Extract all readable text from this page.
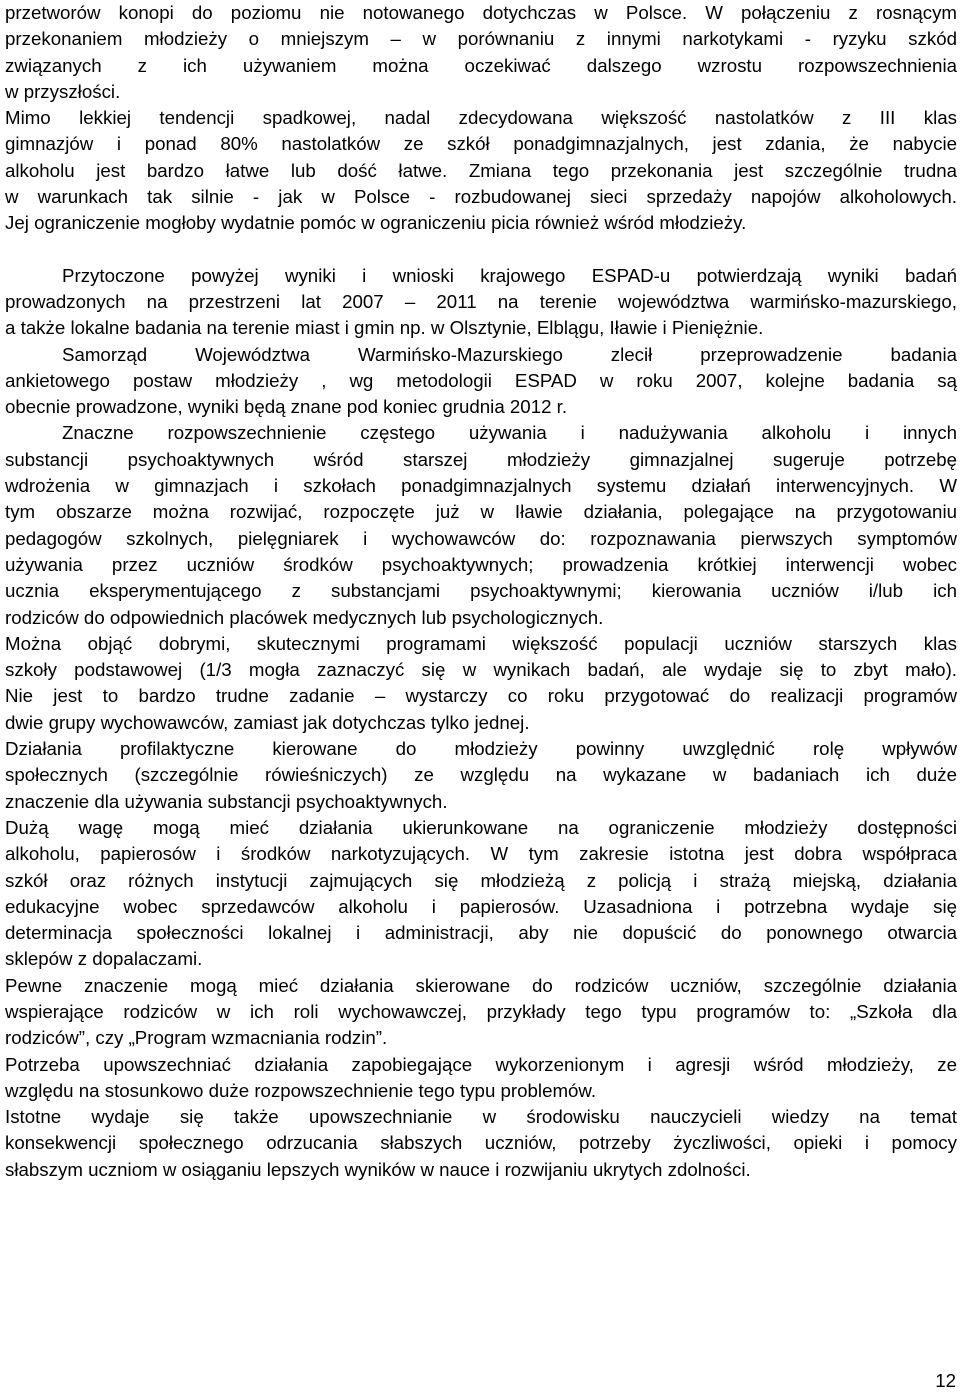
przetworów konopi do poziomu nie notowanego dotychczas w Polsce. W połączeniu z rosnącym
przekonaniem młodzieży o mniejszym – w porównaniu z innymi narkotykami - ryzyku szkód
związanych z ich używaniem można oczekiwać dalszego wzrostu rozpowszechnienia
w przyszłości.
Mimo lekkiej tendencji spadkowej, nadal zdecydowana większość nastolatków z III klas
gimnazjów i ponad 80% nastolatków ze szkół ponadgimnazjalnych, jest zdania, że nabycie
alkoholu jest bardzo łatwe lub dość łatwe. Zmiana tego przekonania jest szczególnie trudna
w warunkach tak silnie - jak w Polsce - rozbudowanej sieci sprzedaży napojów alkoholowych.
Jej ograniczenie mogłoby wydatnie pomóc w ograniczeniu picia również wśród młodzieży.
Przytoczone powyżej wyniki i wnioski krajowego ESPAD-u potwierdzają wyniki badań
prowadzonych na przestrzeni lat 2007 – 2011 na terenie województwa warmińsko-mazurskiego,
a także lokalne badania na terenie miast i gmin np. w Olsztynie, Elblągu, Iławie i Pieniężnie.
Samorząd Województwa Warmińsko-Mazurskiego zlecił przeprowadzenie badania
ankietowego postaw młodzieży , wg metodologii ESPAD w roku 2007, kolejne badania są
obecnie prowadzone, wyniki będą znane pod koniec grudnia 2012 r.
Znaczne rozpowszechnienie częstego używania i nadużywania alkoholu i innych
substancji psychoaktywnych wśród starszej młodzieży gimnazjalnej sugeruje potrzebę
wdrożenia w gimnazjach i szkołach ponadgimnazjalnych systemu działań interwencyjnych. W
tym obszarze można rozwijać, rozpoczęte już w Iławie działania, polegające na przygotowaniu
pedagogów szkolnych, pielęgniarek i wychowawców do: rozpoznawania pierwszych symptomów
używania przez uczniów środków psychoaktywnych; prowadzenia krótkiej interwencji wobec
ucznia eksperymentującego z substancjami psychoaktywnymi; kierowania uczniów i/lub ich
rodziców do odpowiednich placówek medycznych lub psychologicznych.
Można objąć dobrymi, skutecznymi programami większość populacji uczniów starszych klas
szkoły podstawowej (1/3 mogła zaznaczyć się w wynikach badań, ale wydaje się to zbyt mało).
Nie jest to bardzo trudne zadanie – wystarczy co roku przygotować do realizacji programów
dwie grupy wychowawców, zamiast jak dotychczas tylko jednej.
Działania profilaktyczne kierowane do młodzieży powinny uwzględnić rolę wpływów
społecznych (szczególnie rówieśniczych) ze względu na wykazane w badaniach ich duże
znaczenie dla używania substancji psychoaktywnych.
Dużą wagę mogą mieć działania ukierunkowane na ograniczenie młodzieży dostępności
alkoholu, papierosów i środków narkotyzujących. W tym zakresie istotna jest dobra współpraca
szkół oraz różnych instytucji zajmujących się młodzieżą z policją i strażą miejską, działania
edukacyjne wobec sprzedawców alkoholu i papierosów. Uzasadniona i potrzebna wydaje się
determinacja społeczności lokalnej i administracji, aby nie dopuścić do ponownego otwarcia
sklepów z dopalaczami.
Pewne znaczenie mogą mieć działania skierowane do rodziców uczniów, szczególnie działania
wspierające rodziców w ich roli wychowawczej, przykłady tego typu programów to: „Szkoła dla
rodziców”, czy „Program wzmacniania rodzin”.
Potrzeba upowszechniać działania zapobiegające wykorzenionym i agresji wśród młodzieży, ze
względu na stosunkowo duże rozpowszechnienie tego typu problemów.
Istotne wydaje się także upowszechnianie w środowisku nauczycieli wiedzy na temat
konsekwencji społecznego odrzucania słabszych uczniów, potrzeby życzliwości, opieki i pomocy
słabszym uczniom w osiąganiu lepszych wyników w nauce i rozwijaniu ukrytych zdolności.
12
